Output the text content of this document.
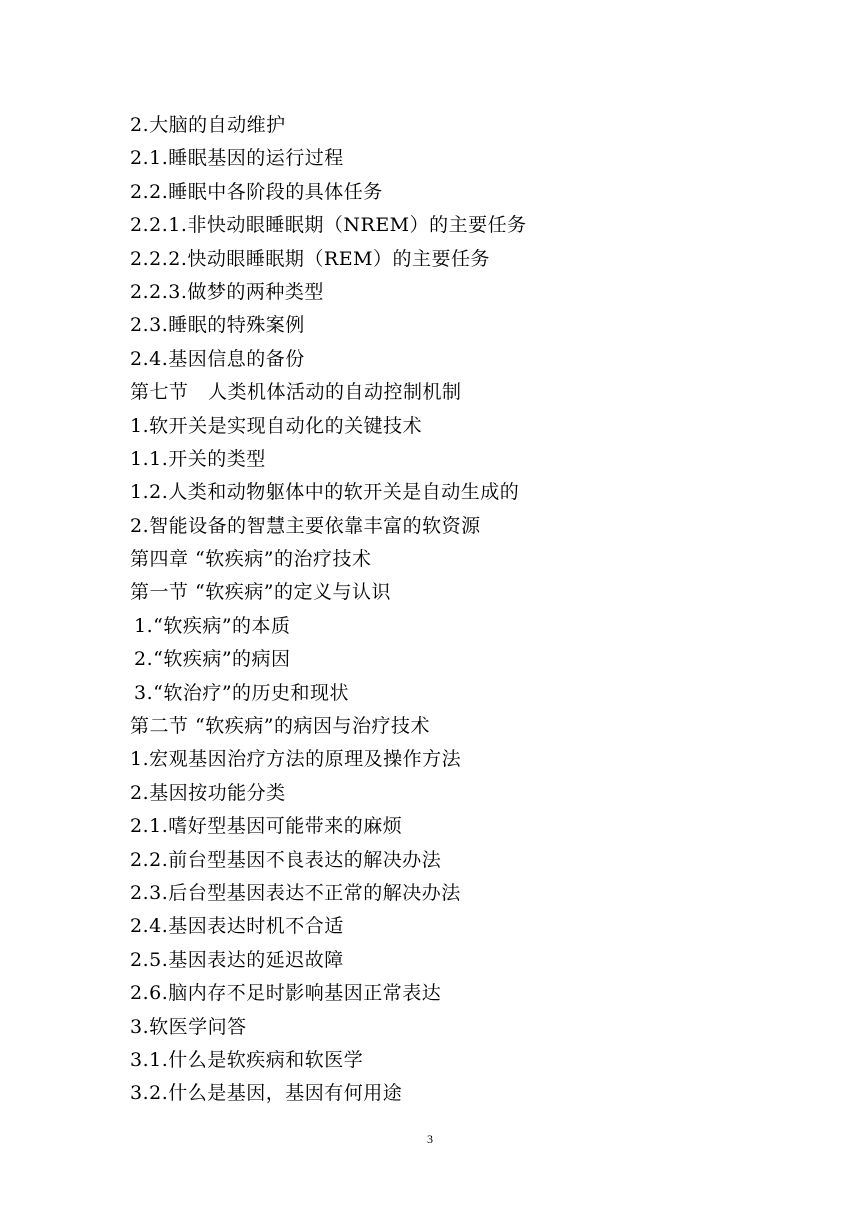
2.大脑的自动维护
2.1.睡眠基因的运行过程
2.2.睡眠中各阶段的具体任务
2.2.1.非快动眼睡眠期（NREM）的主要任务
2.2.2.快动眼睡眠期（REM）的主要任务
2.2.3.做梦的两种类型
2.3.睡眠的特殊案例
2.4.基因信息的备份
第七节　人类机体活动的自动控制机制
1.软开关是实现自动化的关键技术
1.1.开关的类型
1.2.人类和动物躯体中的软开关是自动生成的
2.智能设备的智慧主要依靠丰富的软资源
第四章 “软疾病”的治疗技术
第一节 “软疾病”的定义与认识
1.“软疾病”的本质
2.“软疾病”的病因
3.“软治疗”的历史和现状
第二节 “软疾病”的病因与治疗技术
1.宏观基因治疗方法的原理及操作方法
2.基因按功能分类
2.1.嗜好型基因可能带来的麻烦
2.2.前台型基因不良表达的解决办法
2.3.后台型基因表达不正常的解决办法
2.4.基因表达时机不合适
2.5.基因表达的延迟故障
2.6.脑内存不足时影响基因正常表达
3.软医学问答
3.1.什么是软疾病和软医学
3.2.什么是基因，基因有何用途
3
